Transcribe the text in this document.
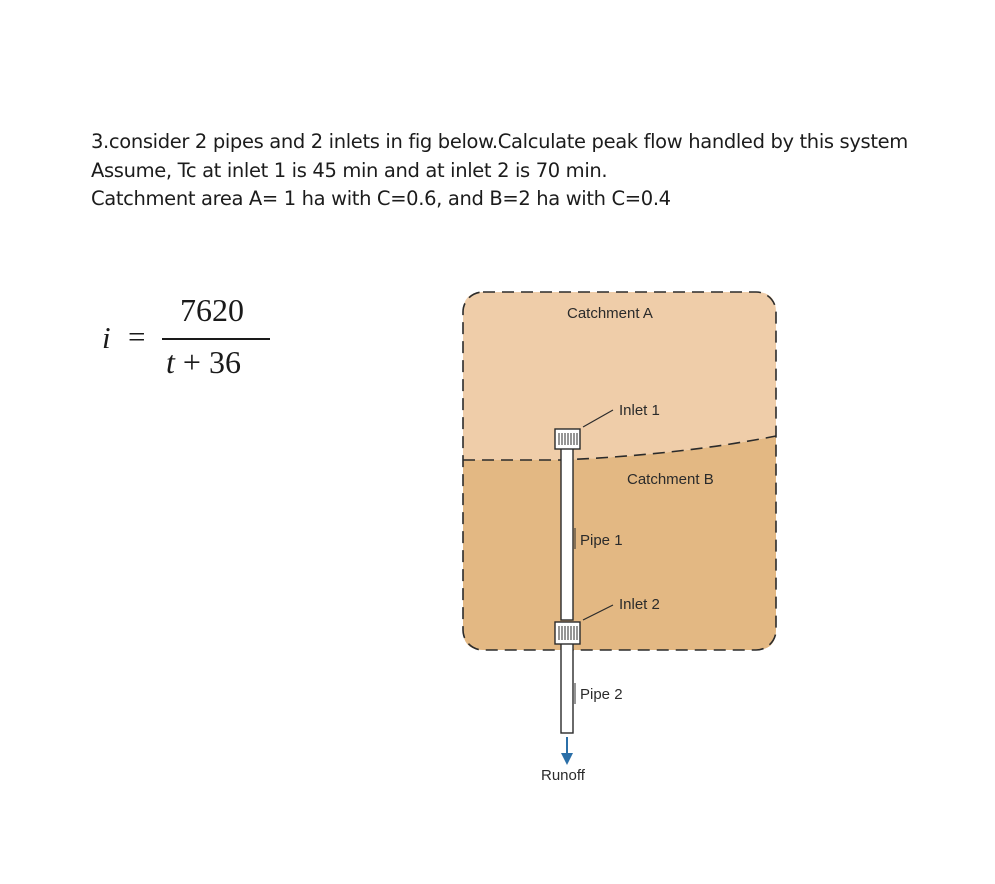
3.consider 2 pipes and 2 inlets in fig below.Calculate peak flow handled by this system
Assume, Tc at inlet 1 is 45 min and at inlet 2 is 70 min.
Catchment area A= 1 ha with C=0.6, and B=2 ha with C=0.4
i =
7620
t + 36
Catchment A
Catchment B
Inlet 1
Inlet 2
Pipe 1
Pipe 2
Runoff
